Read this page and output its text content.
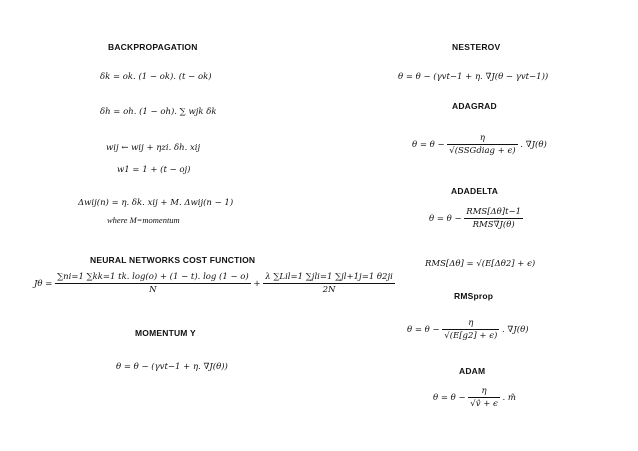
BACKPROPAGATION
δk = ok. (1 − ok). (t − ok)
δh = oh. (1 − oh). ∑ wjk δk
wij ← wij + ηzi. δh. xij
w1 = 1 + (t − oj)
Δwij(n) = η. δk. xij + M. Δwij(n − 1)
where M=momentum
NEURAL NETWORKS COST FUNCTION
$J\theta = \frac{\sum ni=1 \sum kk=1 tk. \log(o) + (1 - t). \log (1 - o)}{N} + \frac{\text{λ ∑Lil=1 ∑jli=1 ∑jl+1j=1 θ2ji}}{2N}$
MOMENTUM Y
θ = θ − (γvt−1 + η. ∇J(θ))
NESTEROV
θ = θ − (γvt−1 + η. ∇J(θ − γvt−1))
ADAGRAD
$\theta = \theta - \frac{\eta}{\text{√(SSGdiag + ϵ)}}$ . ∇J(θ)
ADADELTA
$\theta = \theta - \frac{\text{RMS[Δθ]t−1}}{\text{RMS∇J(θ)}}$
RMS[Δθ] = √(E[Δθ2] + ϵ)
RMSprop
$\theta = \theta - \frac{\eta}{√(E[g2] + \epsilon)}$ . ∇J(θ)
ADAM
$\theta = \theta - \frac{\eta}{√v̂ + \epsilon}$ . m̂
